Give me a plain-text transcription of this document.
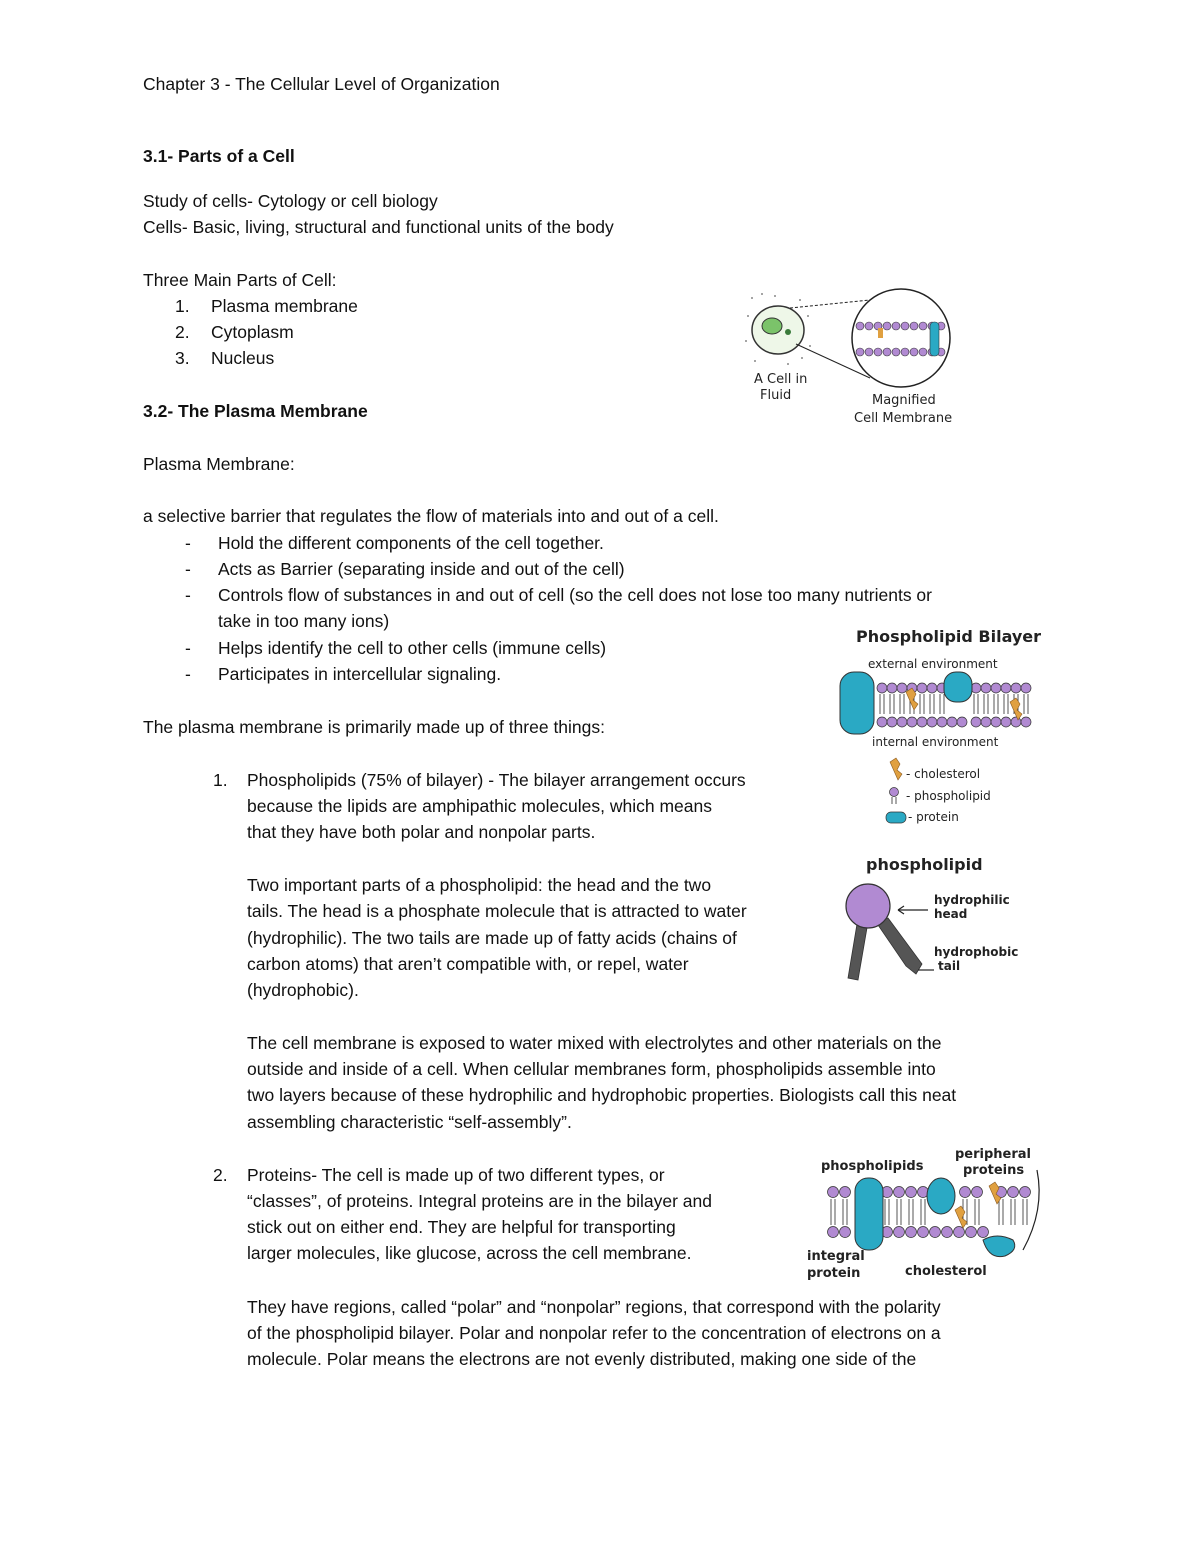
Chapter 3 - The Cellular Level of Organization
3.1- Parts of a Cell
Study of cells- Cytology or cell biology
Cells- Basic, living, structural and functional units of the body
Three Main Parts of Cell:
1. Plasma membrane
2. Cytoplasm
3. Nucleus
3.2- The Plasma Membrane
Plasma Membrane:
a selective barrier that regulates the flow of materials into and out of a cell.
- Hold the different components of the cell together.
- Acts as Barrier (separating inside and out of the cell)
- Controls flow of substances in and out of cell (so the cell does not lose too many nutrients or
take in too many ions)
- Helps identify the cell to other cells (immune cells)
- Participates in intercellular signaling.
The plasma membrane is primarily made up of three things:
1. Phospholipids (75% of bilayer) - The bilayer arrangement occurs
because the lipids are amphipathic molecules, which means
that they have both polar and nonpolar parts.
Two important parts of a phospholipid: the head and the two
tails. The head is a phosphate molecule that is attracted to water
(hydrophilic). The two tails are made up of fatty acids (chains of
carbon atoms) that aren’t compatible with, or repel, water
(hydrophobic).
The cell membrane is exposed to water mixed with electrolytes and other materials on the
outside and inside of a cell. When cellular membranes form, phospholipids assemble into
two layers because of these hydrophilic and hydrophobic properties. Biologists call this neat
assembling characteristic “self-assembly”.
2. Proteins- The cell is made up of two different types, or
“classes”, of proteins. Integral proteins are in the bilayer and
stick out on either end. They are helpful for transporting
larger molecules, like glucose, across the cell membrane.
They have regions, called “polar” and “nonpolar” regions, that correspond with the polarity
of the phospholipid bilayer. Polar and nonpolar refer to the concentration of electrons on a
molecule. Polar means the electrons are not evenly distributed, making one side of the
A Cell in
Fluid	Magnified
Cell Membrane
Phospholipid Bilayer
external environment
internal environment
- cholesterol
- phospholipid
- protein
phospholipid
hydrophilic
head
hydrophobic
tail
phospholipids
peripheral
proteins
integral
protein	cholesterol
